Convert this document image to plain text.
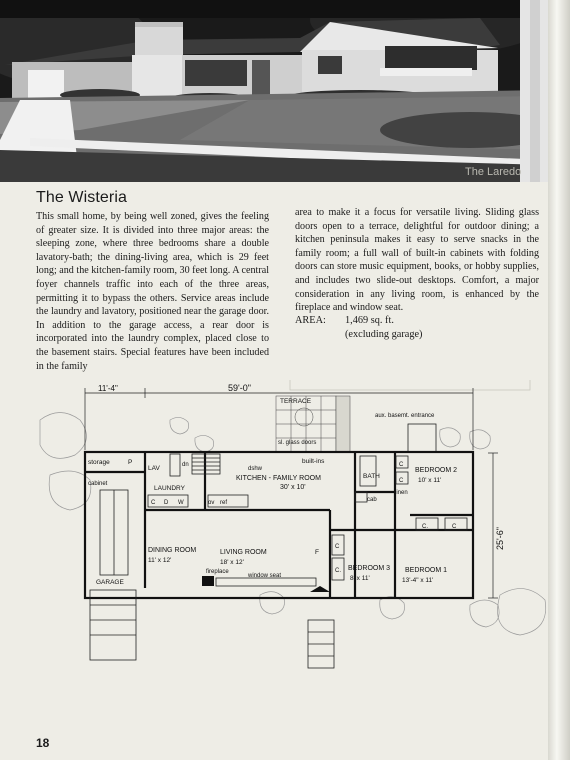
The Laredo
The Wisteria

This small home, by being well zoned, gives the feeling of greater size. It is divided into three major areas: the sleeping zone, where three bedrooms share a double lavatory-bath; the dining-living area, which is 29 feet long; and the kitchen-family room, 30 feet long. A central foyer channels traffic into each of the three areas, permitting it to bypass the others. Service areas include the laundry and lavatory, positioned near the garage door. In addition to the garage access, a rear door is incorporated into the laundry complex, placed close to the basement stairs. Special features have been included in the family

area to make it a focus for versatile living. Sliding glass doors open to a terrace, delightful for outdoor dining; a kitchen peninsula makes it easy to serve snacks in the family room; a full wall of built-in cabinets with folding doors can store music equipment, books, or hobby supplies, and includes two slide-out desktops. Comfort, a major consideration in any living room, is enhanced by the fireplace and window seat.

AREA:	1,469 sq. ft.
(excluding garage)
11'-4"	59'-0"
25'-6"
TERRACE
sl. glass doors
aux. basemt. entrance
storage	P
LAV	dn
cabinet
LAUNDRY
C D W
dshw
built-ins
KITCHEN - FAMILY ROOM
30' x 10'
ov ref
BATH
cab
linen
C
C
BEDROOM 2
10' x 11'
C.	C
DINING ROOM
11' x 12'
LIVING ROOM
18' x 12'
F
C
C. BEDROOM 3
8' x 11'
BEDROOM 1
13'-4" x 11'
GARAGE
fireplace
window seat
18
